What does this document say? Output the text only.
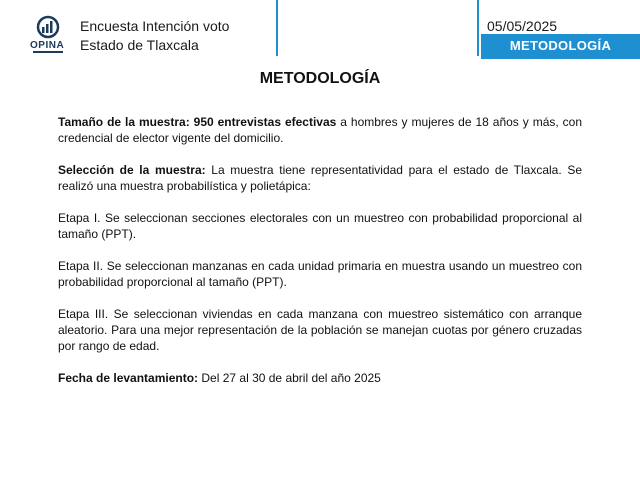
OPINA
Encuesta Intención voto
Estado de Tlaxcala
05/05/2025
METODOLOGÍA
METODOLOGÍA

Tamaño de la muestra: 950 entrevistas efectivas a hombres y mujeres de 18 años y más, con credencial de elector vigente del domicilio.

Selección de la muestra: La muestra tiene representatividad para el estado de Tlaxcala. Se realizó una muestra probabilística y polietápica:

Etapa I. Se seleccionan secciones electorales con un muestreo con probabilidad proporcional al tamaño (PPT).

Etapa II. Se seleccionan manzanas en cada unidad primaria en muestra usando un muestreo con probabilidad proporcional al tamaño (PPT).

Etapa III. Se seleccionan viviendas en cada manzana con muestreo sistemático con arranque aleatorio. Para una mejor representación de la población se manejan cuotas por género cruzadas por rango de edad.

Fecha de levantamiento: Del 27 al 30 de abril del año 2025
